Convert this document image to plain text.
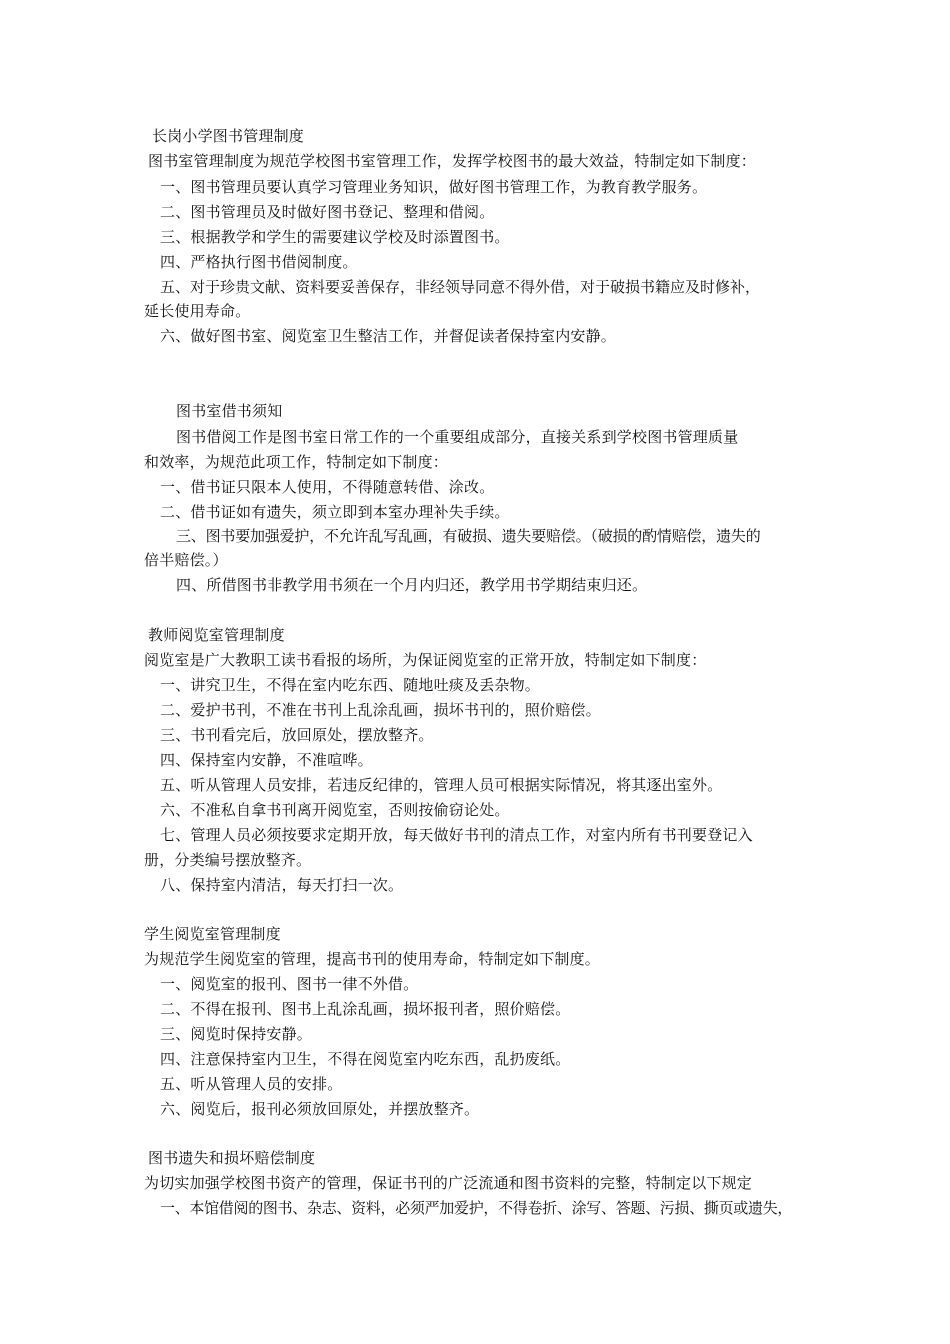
长岗小学图书管理制度
图书室管理制度为规范学校图书室管理工作，发挥学校图书的最大效益，特制定如下制度：
一、图书管理员要认真学习管理业务知识，做好图书管理工作，为教育教学服务。
二、图书管理员及时做好图书登记、整理和借阅。
三、根据教学和学生的需要建议学校及时添置图书。
四、严格执行图书借阅制度。
五、对于珍贵文献、资料要妥善保存，非经领导同意不得外借，对于破损书籍应及时修补，
延长使用寿命。
六、做好图书室、阅览室卫生整洁工作，并督促读者保持室内安静。
图书室借书须知
图书借阅工作是图书室日常工作的一个重要组成部分，直接关系到学校图书管理质量
和效率，为规范此项工作，特制定如下制度：
一、借书证只限本人使用，不得随意转借、涂改。
二、借书证如有遗失，须立即到本室办理补失手续。
三、图书要加强爱护，不允许乱写乱画，有破损、遗失要赔偿。（破损的酌情赔偿，遗失的
倍半赔偿。）
四、所借图书非教学用书须在一个月内归还，教学用书学期结束归还。
教师阅览室管理制度
阅览室是广大教职工读书看报的场所，为保证阅览室的正常开放，特制定如下制度：
一、讲究卫生，不得在室内吃东西、随地吐痰及丢杂物。
二、爱护书刊，不准在书刊上乱涂乱画，损坏书刊的，照价赔偿。
三、书刊看完后，放回原处，摆放整齐。
四、保持室内安静，不准喧哗。
五、听从管理人员安排，若违反纪律的，管理人员可根据实际情况，将其逐出室外。
六、不准私自拿书刊离开阅览室，否则按偷窃论处。
七、管理人员必须按要求定期开放，每天做好书刊的清点工作，对室内所有书刊要登记入
册，分类编号摆放整齐。
八、保持室内清洁，每天打扫一次。
学生阅览室管理制度
为规范学生阅览室的管理，提高书刊的使用寿命，特制定如下制度。
一、阅览室的报刊、图书一律不外借。
二、不得在报刊、图书上乱涂乱画，损坏报刊者，照价赔偿。
三、阅览时保持安静。
四、注意保持室内卫生，不得在阅览室内吃东西，乱扔废纸。
五、听从管理人员的安排。
六、阅览后，报刊必须放回原处，并摆放整齐。
图书遗失和损坏赔偿制度
为切实加强学校图书资产的管理，保证书刊的广泛流通和图书资料的完整，特制定以下规定
一、本馆借阅的图书、杂志、资料，必须严加爱护，不得卷折、涂写、答题、污损、撕页或遗失，
